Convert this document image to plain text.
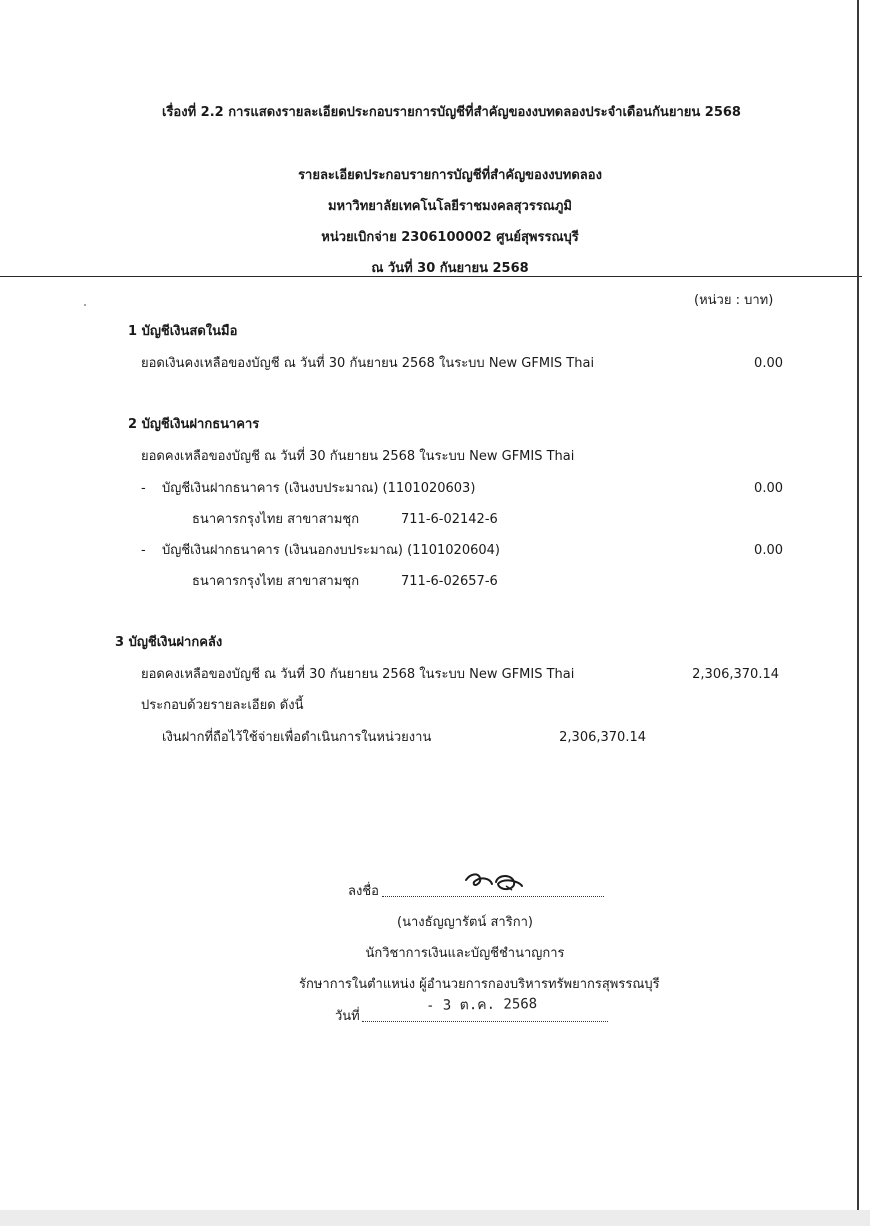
เรื่องที่ 2.2 การแสดงรายละเอียดประกอบรายการบัญชีที่สำคัญของงบทดลองประจำเดือนกันยายน 2568
รายละเอียดประกอบรายการบัญชีที่สำคัญของงบทดลอง
มหาวิทยาลัยเทคโนโลยีราชมงคลสุวรรณภูมิ
หน่วยเบิกจ่าย 2306100002 ศูนย์สุพรรณบุรี
ณ วันที่ 30 กันยายน 2568
(หน่วย : บาท)
1 บัญชีเงินสดในมือ
ยอดเงินคงเหลือของบัญชี ณ วันที่ 30 กันยายน 2568 ในระบบ New GFMIS Thai	0.00
2 บัญชีเงินฝากธนาคาร
ยอดคงเหลือของบัญชี ณ วันที่ 30 กันยายน 2568 ในระบบ New GFMIS Thai
- บัญชีเงินฝากธนาคาร (เงินงบประมาณ) (1101020603)	0.00
ธนาคารกรุงไทย สาขาสามชุก	711-6-02142-6
- บัญชีเงินฝากธนาคาร (เงินนอกงบประมาณ) (1101020604)	0.00
ธนาคารกรุงไทย สาขาสามชุก	711-6-02657-6
3 บัญชีเงินฝากคลัง
ยอดคงเหลือของบัญชี ณ วันที่ 30 กันยายน 2568 ในระบบ New GFMIS Thai	2,306,370.14
ประกอบด้วยรายละเอียด ดังนี้
เงินฝากที่ถือไว้ใช้จ่ายเพื่อดำเนินการในหน่วยงาน	2,306,370.14
ลงชื่อ
(นางธัญญารัตน์ สาริกา)
นักวิชาการเงินและบัญชีชำนาญการ
รักษาการในตำแหน่ง ผู้อำนวยการกองบริหารทรัพยากรสุพรรณบุรี
วันที่
- 3 ต.ค. 2568
